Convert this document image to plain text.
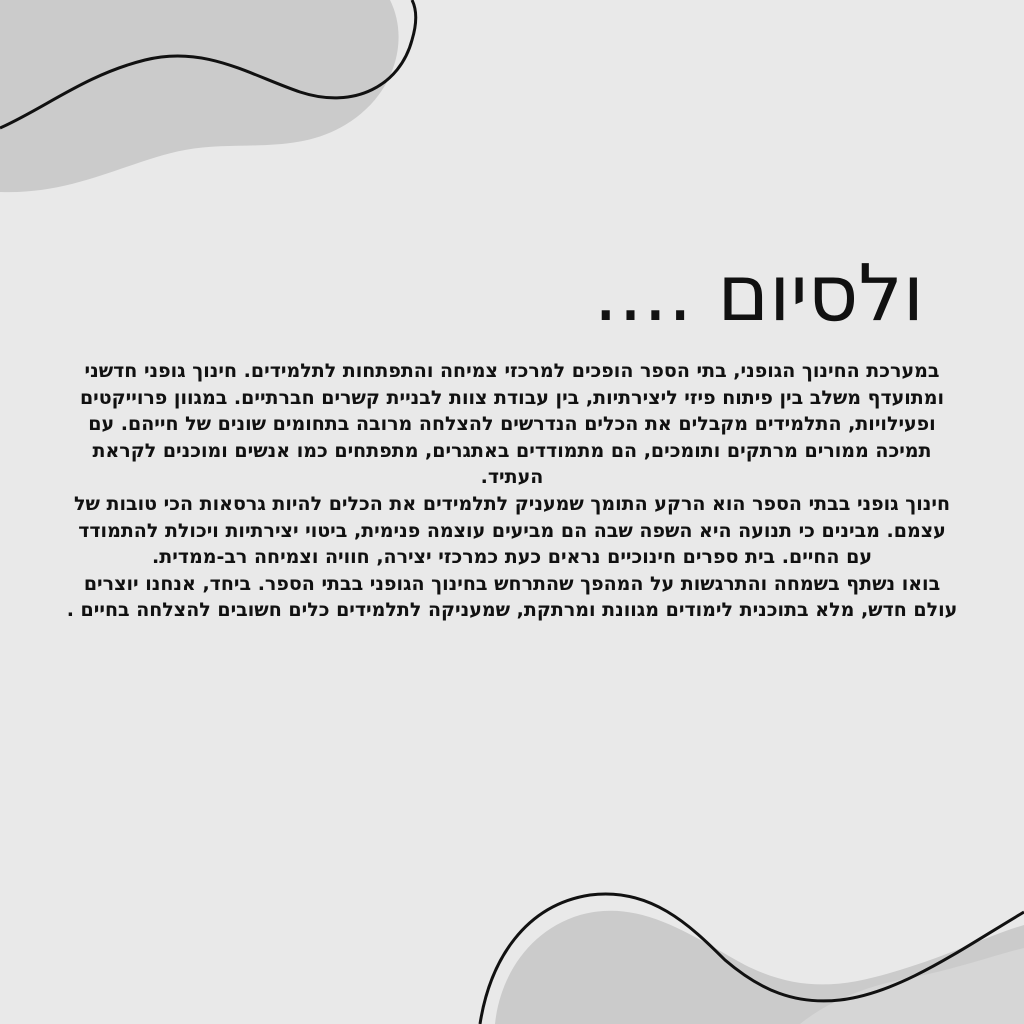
ולסיום ....

במערכת החינוך הגופני, בתי הספר הופכים למרכזי צמיחה והתפתחות לתלמידים. חינוך גופני חדשני ומתועדף משלב בין פיתוח פיזי ליצירתיות, בין עבודת צוות לבניית קשרים חברתיים. במגוון פרוייקטים ופעילויות, התלמידים מקבלים את הכלים הנדרשים להצלחה מרובה בתחומים שונים של חייהם. עם תמיכה ממורים מרתקים ותומכים, הם מתמודדים באתגרים, מתפתחים כמו אנשים ומוכנים לקראת העתיד.

חינוך גופני בבתי הספר הוא הרקע התומך שמעניק לתלמידים את הכלים להיות גרסאות הכי טובות של עצמם. מבינים כי תנועה היא השפה שבה הם מביעים עוצמה פנימית, ביטוי יצירתיות ויכולת להתמודד עם החיים. בית ספרים חינוכיים נראים כעת כמרכזי יצירה, חוויה וצמיחה רב-ממדית.

בואו נשתף בשמחה והתרגשות על המהפך שהתרחש בחינוך הגופני בבתי הספר. ביחד, אנחנו יוצרים עולם חדש, מלא בתוכנית לימודים מגוונת ומרתקת, שמעניקה לתלמידים כלים חשובים להצלחה בחיים .
